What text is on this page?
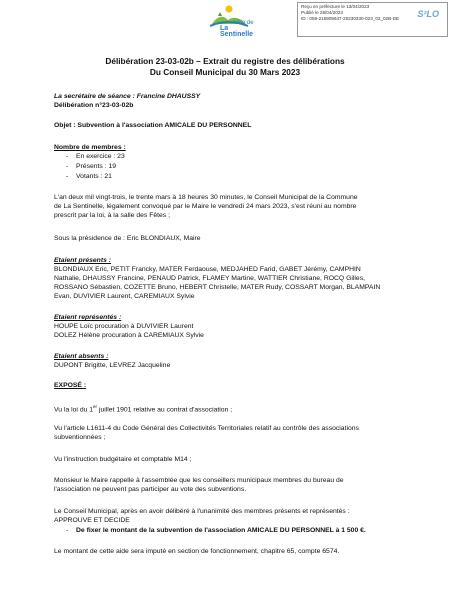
Ville de
La Sentinelle
Reçu en préfecture le 13/04/2023
Publié le 28/04/2023
ID : 059-215905647-20230330-023_03_02B-DE	S²LO
Délibération 23-03-02b – Extrait du registre des délibérations
Du Conseil Municipal du 30 Mars 2023
La secrétaire de séance : Francine DHAUSSY
Délibération n°23-03-02b
Objet : Subvention à l'association AMICALE DU PERSONNEL
Nombre de membres :
- En exercice : 23
- Présents : 19
- Votants : 21
L'an deux mil vingt-trois, le trente mars à 18 heures 30 minutes, le Conseil Municipal de la Commune
de La Sentinelle, légalement convoqué par le Maire le vendredi 24 mars 2023, s'est réuni au nombre
prescrit par la loi, à la salle des Fêtes ;
Sous la présidence de : Eric BLONDIAUX, Maire
Etaient présents :
BLONDIAUX Eric, PETIT Francky, MATER Ferdaouse, MEDJAHED Farid, GABET Jérémy, CAMPHIN
Nathalie, DHAUSSY Francine, PENAUD Patrick, FLAMEY Martine, WATTIER Christiane, ROCQ Gilles,
ROSSANO Sébastien, COZETTE Bruno, HEBERT Christelle, MATER Rudy, COSSART Morgan, BLAMPAIN
Evan, DUVIVIER Laurent, CAREMIAUX Sylvie
Etaient représentés :
HOUPE Loïc procuration à DUVIVIER Laurent
DOLEZ Hélène procuration à CAREMIAUX Sylvie
Etaient absents :
DUPONT Brigitte, LEVREZ Jacqueline
EXPOSÉ :
Vu la loi du 1er juillet 1901 relative au contrat d'association ;
Vu l'article L1611-4 du Code Général des Collectivités Territoriales relatif au contrôle des associations
subventionnées ;
Vu l'instruction budgétaire et comptable M14 ;
Monsieur le Maire rappelle à l'assemblée que les conseillers municipaux membres du bureau de
l'association ne peuvent pas participer au vote des subventions.
Le Conseil Municipal, après en avoir délibéré à l'unanimité des membres présents et représentés :
APPROUVE ET DECIDE
- De fixer le montant de la subvention de l'association AMICALE DU PERSONNEL à 1 500 €.
Le montant de cette aide sera imputé en section de fonctionnement, chapitre 65, compte 6574.
